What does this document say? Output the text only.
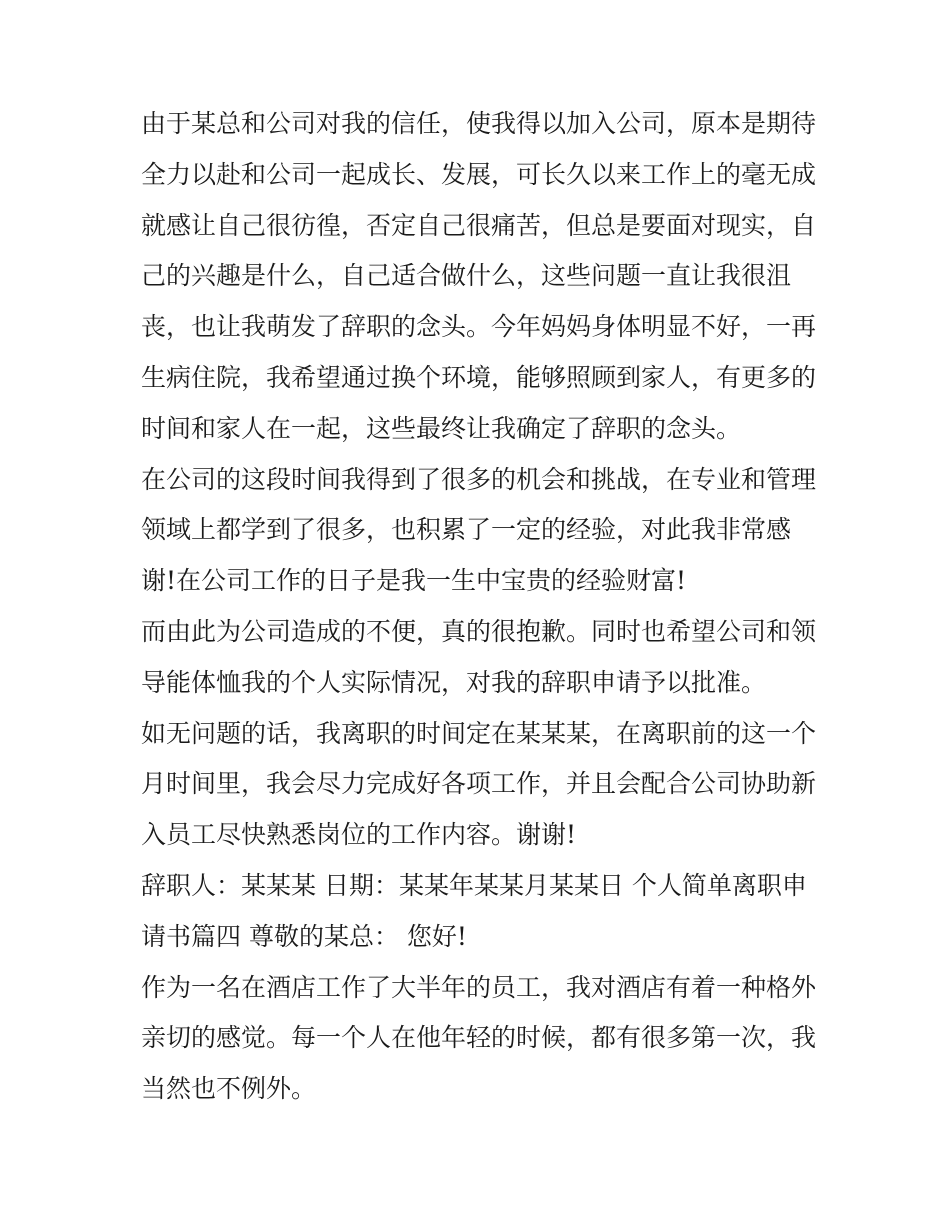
由于某总和公司对我的信任，使我得以加入公司，原本是期待
全力以赴和公司一起成长、发展，可长久以来工作上的毫无成
就感让自己很彷徨，否定自己很痛苦，但总是要面对现实，自
己的兴趣是什么，自己适合做什么，这些问题一直让我很沮
丧，也让我萌发了辞职的念头。今年妈妈身体明显不好，一再
生病住院，我希望通过换个环境，能够照顾到家人，有更多的
时间和家人在一起，这些最终让我确定了辞职的念头。
在公司的这段时间我得到了很多的机会和挑战，在专业和管理
领域上都学到了很多，也积累了一定的经验，对此我非常感
谢!在公司工作的日子是我一生中宝贵的经验财富!
而由此为公司造成的不便，真的很抱歉。同时也希望公司和领
导能体恤我的个人实际情况，对我的辞职申请予以批准。
如无问题的话，我离职的时间定在某某某，在离职前的这一个
月时间里，我会尽力完成好各项工作，并且会配合公司协助新
入员工尽快熟悉岗位的工作内容。谢谢!
辞职人：某某某 日期：某某年某某月某某日 个人简单离职申
请书篇四 尊敬的某总： 您好!
作为一名在酒店工作了大半年的员工，我对酒店有着一种格外
亲切的感觉。每一个人在他年轻的时候，都有很多第一次，我
当然也不例外。
